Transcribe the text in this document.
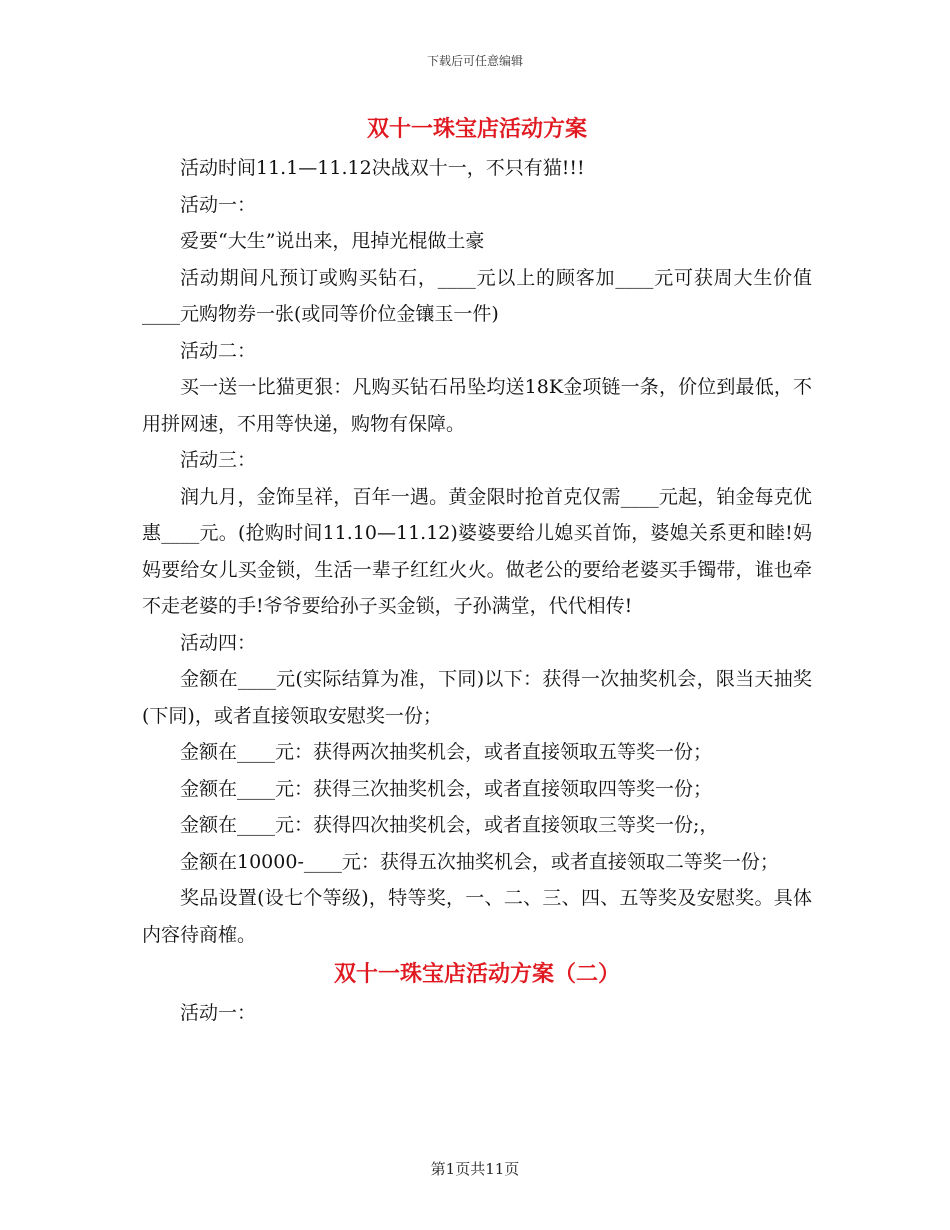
下载后可任意编辑
双十一珠宝店活动方案

活动时间11.1—11.12决战双十一，不只有猫!!!

活动一：

爱要“大生”说出来，甩掉光棍做土豪

活动期间凡预订或购买钻石，____元以上的顾客加____元可获周大生价值____元购物券一张(或同等价位金镶玉一件)

活动二：

买一送一比猫更狠：凡购买钻石吊坠均送18K金项链一条，价位到最低，不用拼网速，不用等快递，购物有保障。

活动三：

润九月，金饰呈祥，百年一遇。黄金限时抢首克仅需____元起，铂金每克优惠____元。(抢购时间11.10—11.12)婆婆要给儿媳买首饰，婆媳关系更和睦!妈妈要给女儿买金锁，生活一辈子红红火火。做老公的要给老婆买手镯带，谁也牵不走老婆的手!爷爷要给孙子买金锁，子孙满堂，代代相传!

活动四：

金额在____元(实际结算为准，下同)以下：获得一次抽奖机会，限当天抽奖(下同)，或者直接领取安慰奖一份；

金额在____元：获得两次抽奖机会，或者直接领取五等奖一份；

金额在____元：获得三次抽奖机会，或者直接领取四等奖一份；

金额在____元：获得四次抽奖机会，或者直接领取三等奖一份;，

金额在10000-____元：获得五次抽奖机会，或者直接领取二等奖一份；

奖品设置(设七个等级)，特等奖，一、二、三、四、五等奖及安慰奖。具体内容待商榷。

双十一珠宝店活动方案（二）

活动一：

第1页共11页
